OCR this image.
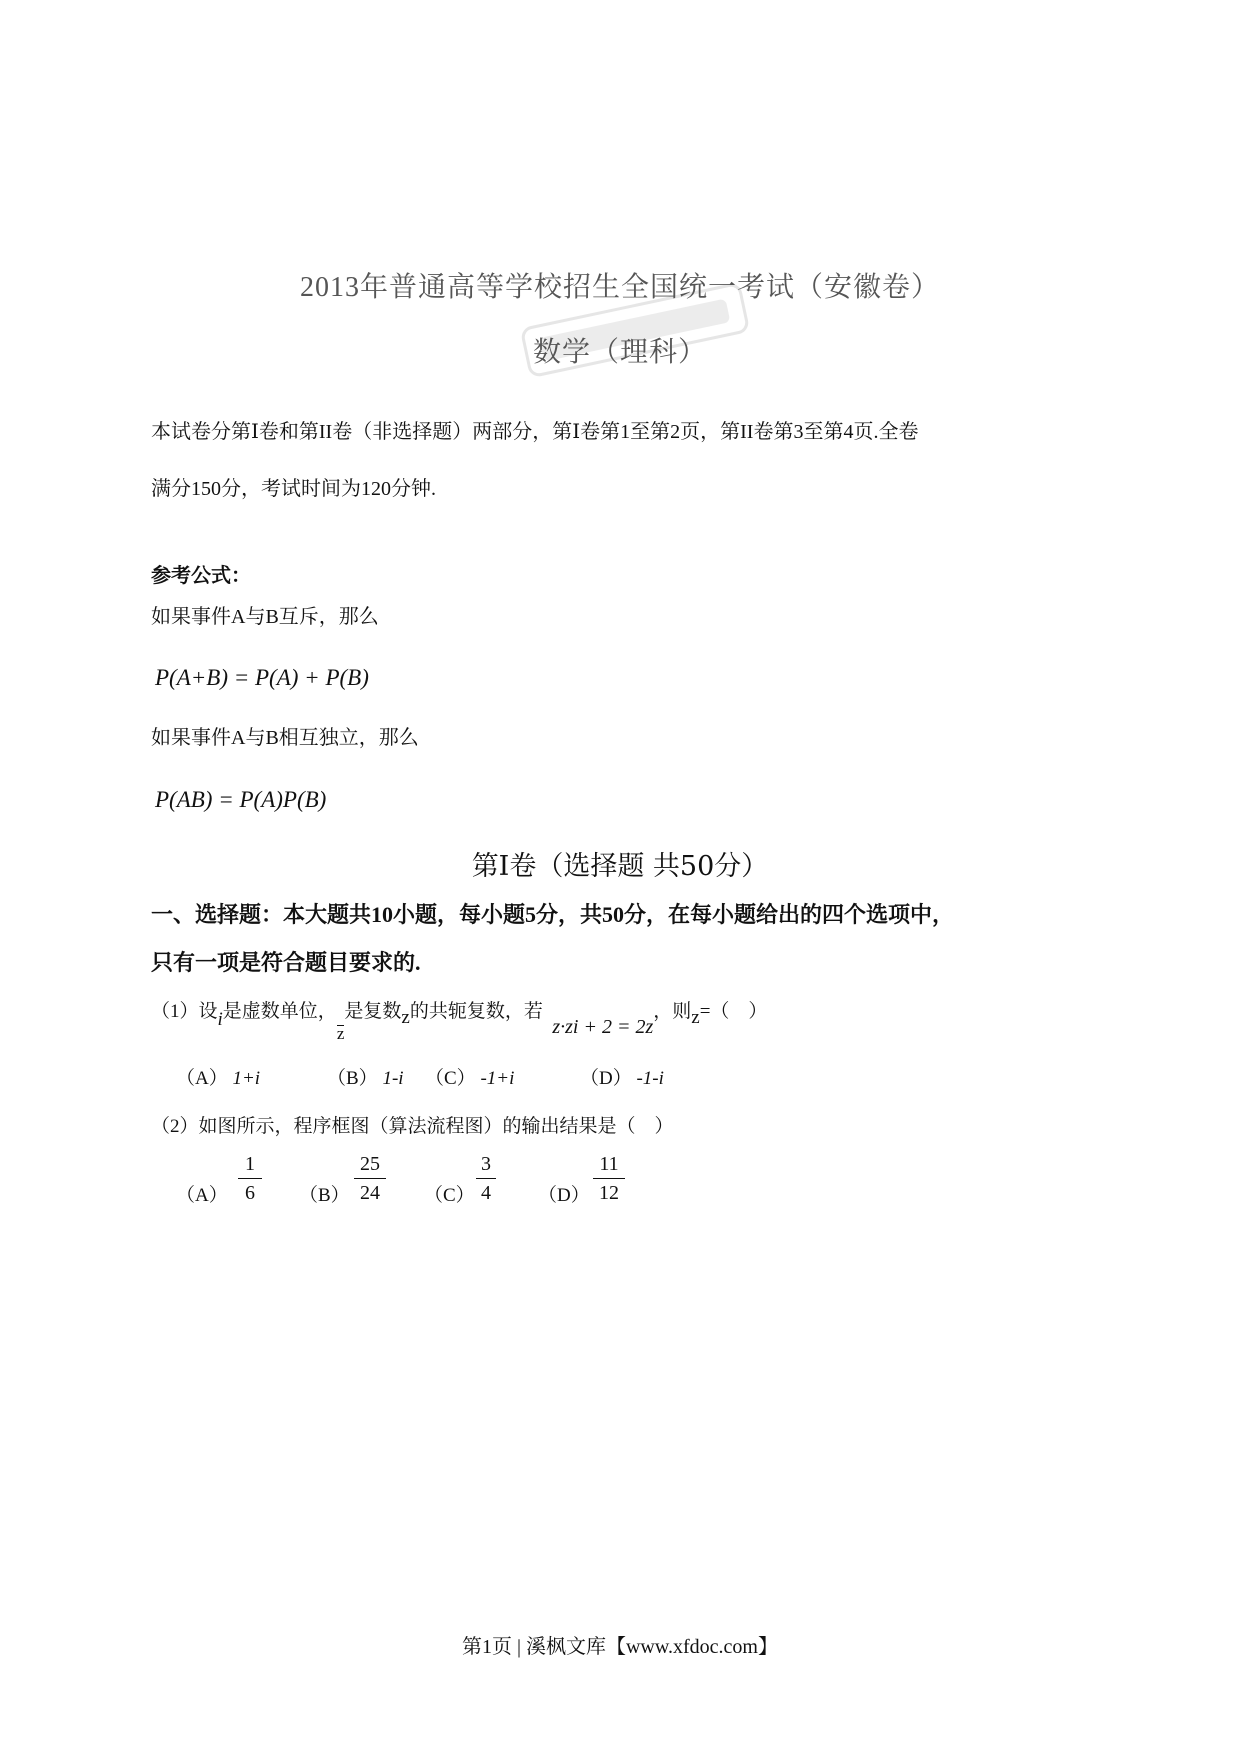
2013年普通高等学校招生全国统一考试（安徽卷）
数学（理科）
本试卷分第Ⅰ卷和第II卷（非选择题）两部分，第Ⅰ卷第1至第2页，第II卷第3至第4页.全卷
满分150分，考试时间为120分钟.
参考公式：
如果事件A与B互斥，那么
P(A+B) = P(A) + P(B)
如果事件A与B相互独立，那么
P(AB) = P(A)P(B)
第Ⅰ卷（选择题 共50分）
一、选择题：本大题共10小题，每小题5分，共50分，在每小题给出的四个选项中，
只有一项是符合题目要求的.
（1）设i是虚数单位，z是复数z的共轭复数，若  z·zi + 2 = 2z，则z=（　）
（A） 1+i	（B） 1-i （C） -1+i	（D） -1-i
（2）如图所示，程序框图（算法流程图）的输出结果是（　）
（A）
1
6	（B）
25
24	（C）
3
4 （D）
11
12
第1页 | 溪枫文库【www.xfdoc.com】
